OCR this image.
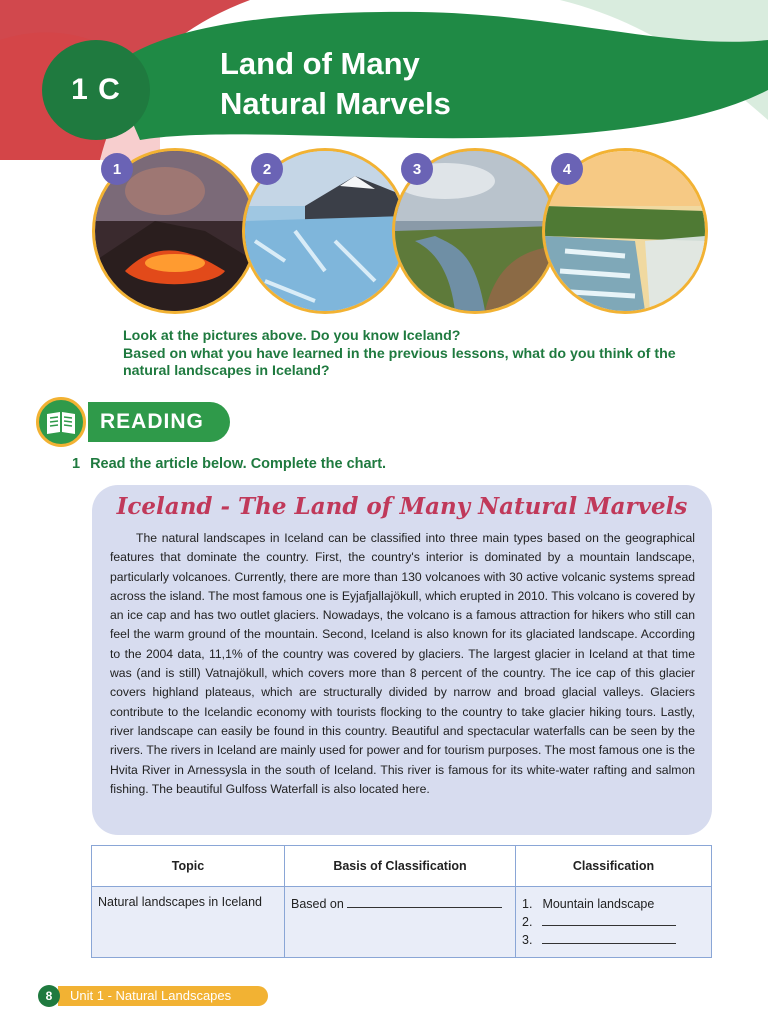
1 C
Land of Many
Natural Marvels
1	2	3	4
Look at the pictures above. Do you know Iceland?
Based on what you have learned in the previous lessons, what do you think of the natural landscapes in Iceland?
READING
1 Read the article below. Complete the chart.
Iceland - The Land of Many Natural Marvels
The natural landscapes in Iceland can be classified into three main types based on the geographical features that dominate the country. First, the country's interior is dominated by a mountain landscape, particularly volcanoes. Currently, there are more than 130 volcanoes with 30 active volcanic systems spread across the island. The most famous one is Eyjafjallajökull, which erupted in 2010. This volcano is covered by an ice cap and has two outlet glaciers. Nowadays, the volcano is a famous attraction for hikers who still can feel the warm ground of the mountain. Second, Iceland is also known for its glaciated landscape. According to the 2004 data, 11,1% of the country was covered by glaciers. The largest glacier in Iceland at that time was (and is still) Vatnajökull, which covers more than 8 percent of the country. The ice cap of this glacier covers highland plateaus, which are structurally divided by narrow and broad glacial valleys. Glaciers contribute to the Icelandic economy with tourists flocking to the country to take glacier hiking tours. Lastly, river landscape can easily be found in this country. Beautiful and spectacular waterfalls can be seen by the rivers. The rivers in Iceland are mainly used for power and for tourism purposes. The most famous one is the Hvita River in Arnessysla in the south of Iceland. This river is famous for its white-water rafting and salmon fishing. The beautiful Gulfoss Waterfall is also located here.
Topic	Basis of Classification	Classification
Natural landscapes in Iceland	Based on	1. Mountain landscape
2.
3.
Unit 1 - Natural Landscapes
8
